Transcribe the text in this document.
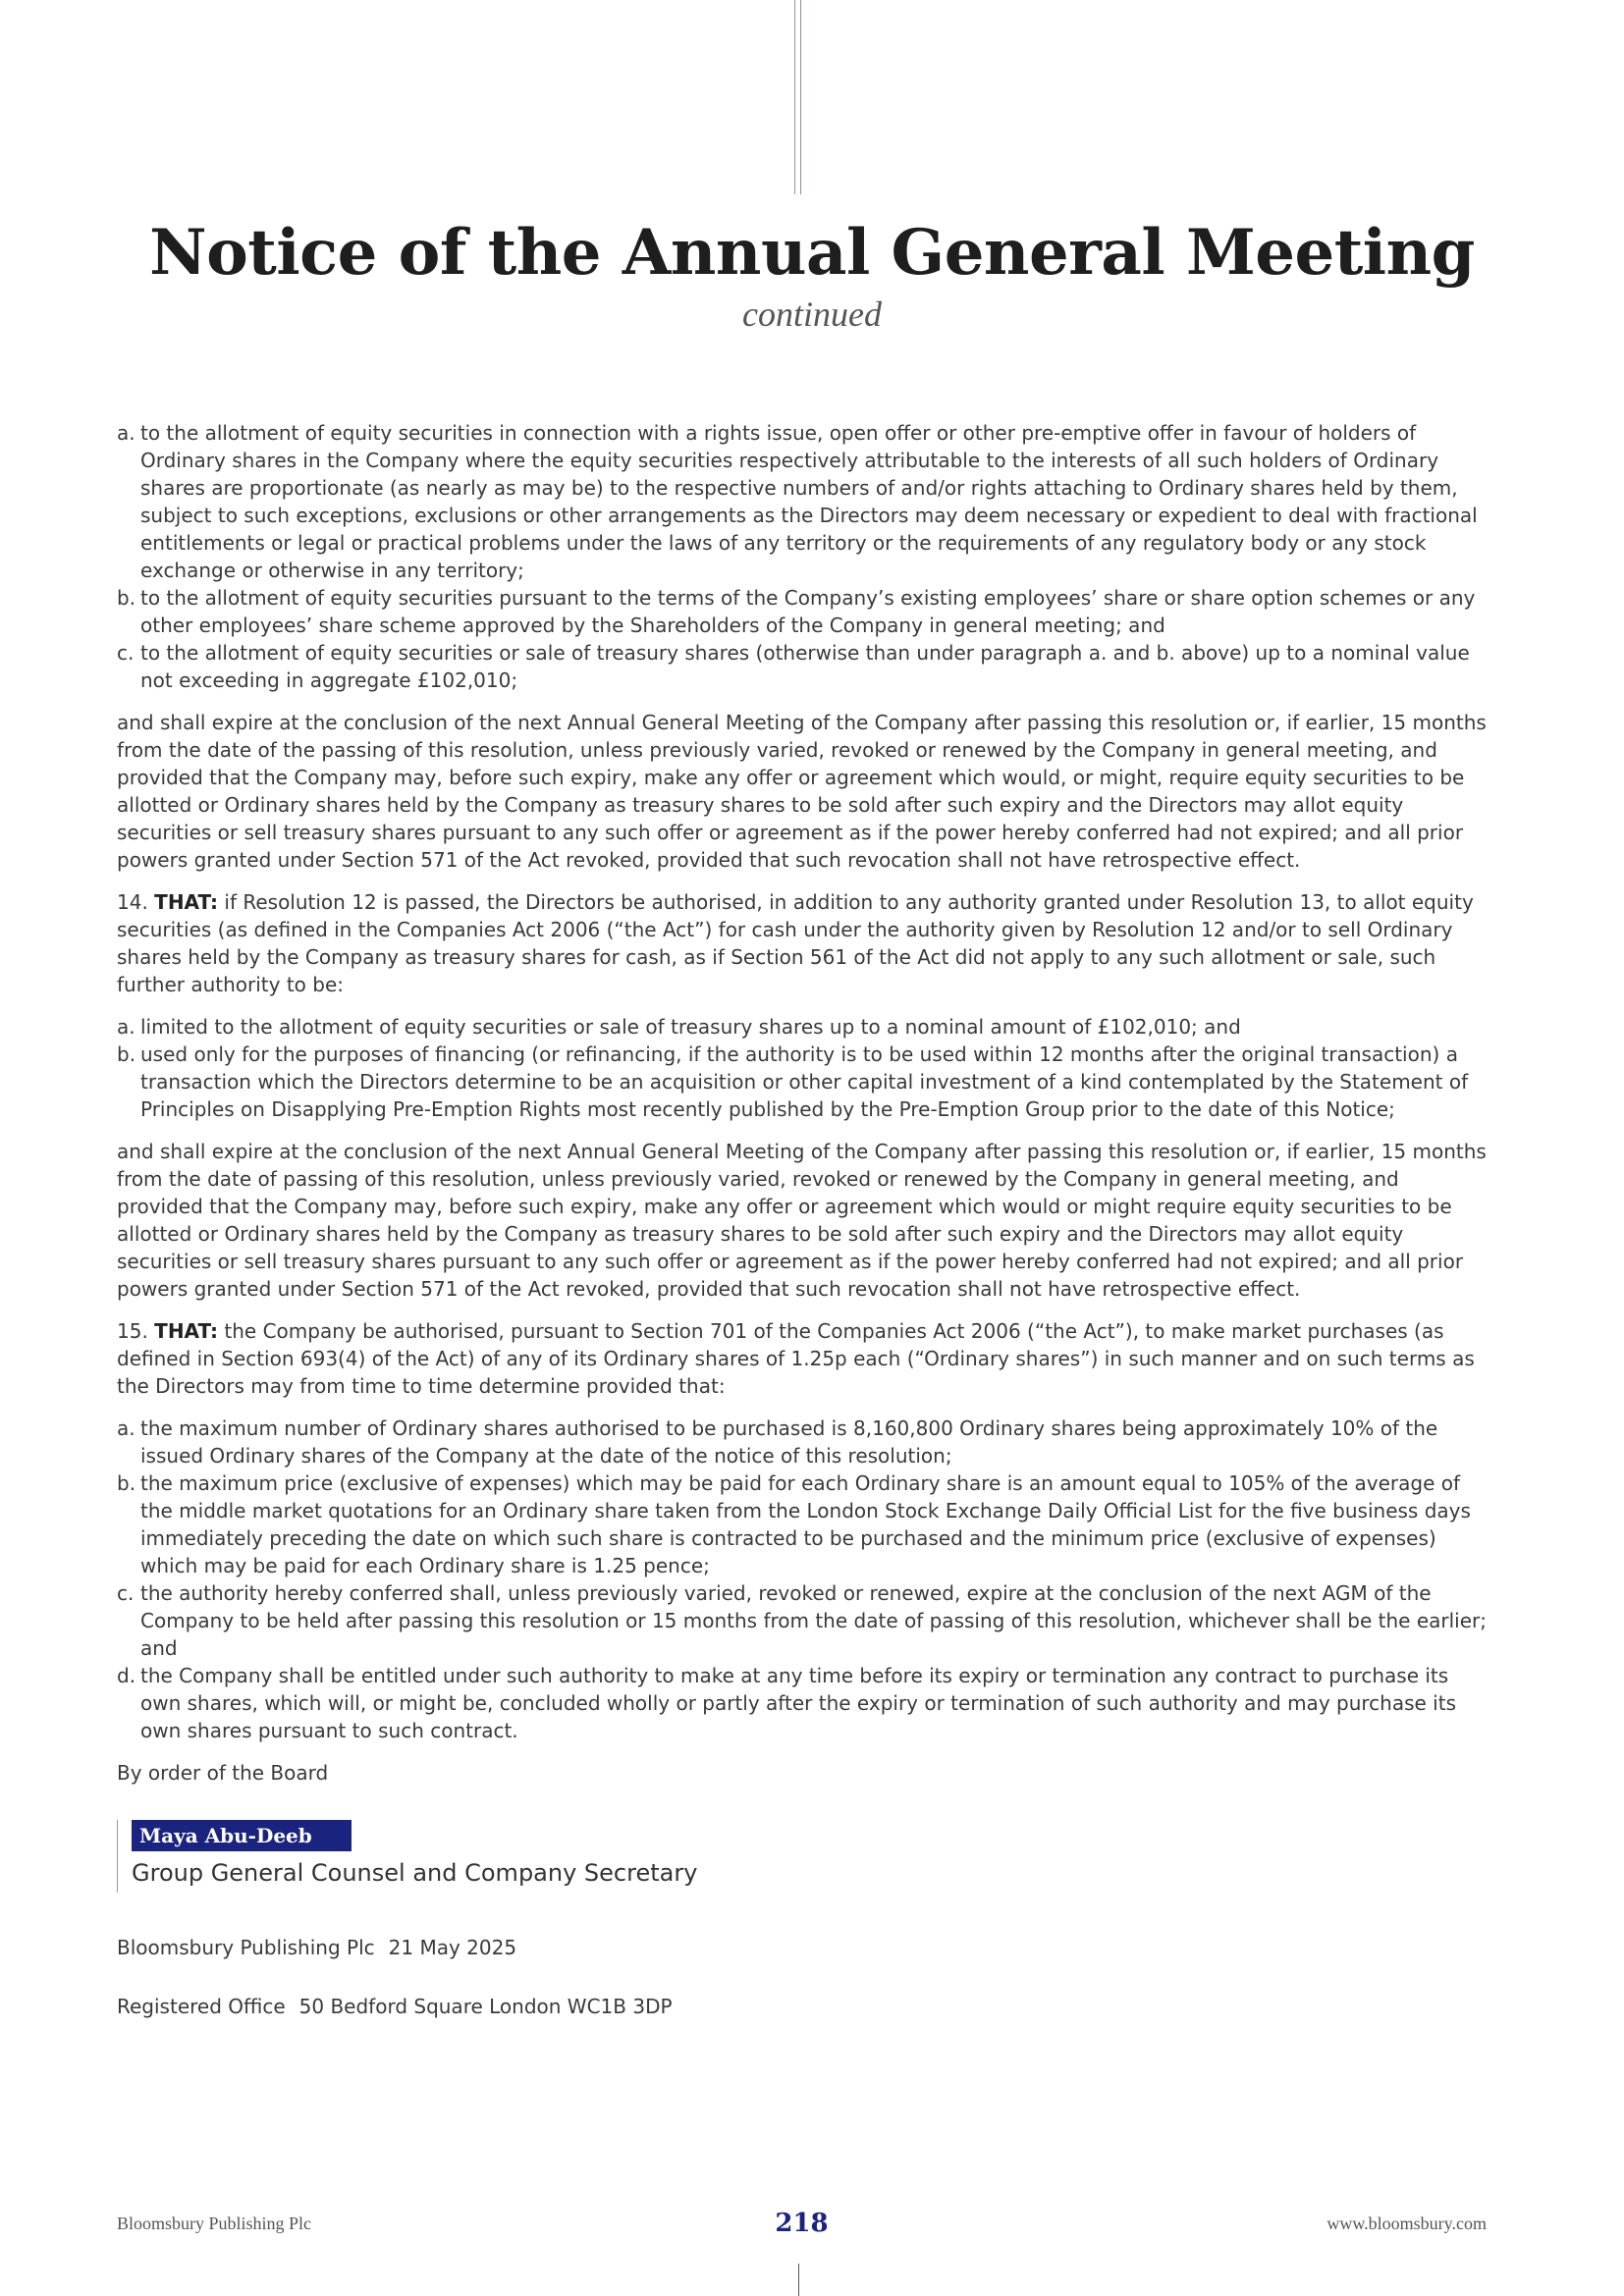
Notice of the Annual General Meeting
continued
a. to the allotment of equity securities in connection with a rights issue, open offer or other pre-emptive offer in favour of holders of Ordinary shares in the Company where the equity securities respectively attributable to the interests of all such holders of Ordinary shares are proportionate (as nearly as may be) to the respective numbers of and/or rights attaching to Ordinary shares held by them, subject to such exceptions, exclusions or other arrangements as the Directors may deem necessary or expedient to deal with fractional entitlements or legal or practical problems under the laws of any territory or the requirements of any regulatory body or any stock exchange or otherwise in any territory;
b. to the allotment of equity securities pursuant to the terms of the Company’s existing employees’ share or share option schemes or any other employees’ share scheme approved by the Shareholders of the Company in general meeting; and
c. to the allotment of equity securities or sale of treasury shares (otherwise than under paragraph a. and b. above) up to a nominal value not exceeding in aggregate £102,010;

and shall expire at the conclusion of the next Annual General Meeting of the Company after passing this resolution or, if earlier, 15 months from the date of the passing of this resolution, unless previously varied, revoked or renewed by the Company in general meeting, and provided that the Company may, before such expiry, make any offer or agreement which would, or might, require equity securities to be allotted or Ordinary shares held by the Company as treasury shares to be sold after such expiry and the Directors may allot equity securities or sell treasury shares pursuant to any such offer or agreement as if the power hereby conferred had not expired; and all prior powers granted under Section 571 of the Act revoked, provided that such revocation shall not have retrospective effect.

14. THAT: if Resolution 12 is passed, the Directors be authorised, in addition to any authority granted under Resolution 13, to allot equity securities (as defined in the Companies Act 2006 (“the Act”) for cash under the authority given by Resolution 12 and/or to sell Ordinary shares held by the Company as treasury shares for cash, as if Section 561 of the Act did not apply to any such allotment or sale, such further authority to be:

a. limited to the allotment of equity securities or sale of treasury shares up to a nominal amount of £102,010; and
b. used only for the purposes of financing (or refinancing, if the authority is to be used within 12 months after the original transaction) a transaction which the Directors determine to be an acquisition or other capital investment of a kind contemplated by the Statement of Principles on Disapplying Pre-Emption Rights most recently published by the Pre-Emption Group prior to the date of this Notice;

and shall expire at the conclusion of the next Annual General Meeting of the Company after passing this resolution or, if earlier, 15 months from the date of passing of this resolution, unless previously varied, revoked or renewed by the Company in general meeting, and provided that the Company may, before such expiry, make any offer or agreement which would or might require equity securities to be allotted or Ordinary shares held by the Company as treasury shares to be sold after such expiry and the Directors may allot equity securities or sell treasury shares pursuant to any such offer or agreement as if the power hereby conferred had not expired; and all prior powers granted under Section 571 of the Act revoked, provided that such revocation shall not have retrospective effect.

15. THAT: the Company be authorised, pursuant to Section 701 of the Companies Act 2006 (“the Act”), to make market purchases (as defined in Section 693(4) of the Act) of any of its Ordinary shares of 1.25p each (“Ordinary shares”) in such manner and on such terms as the Directors may from time to time determine provided that:

a. the maximum number of Ordinary shares authorised to be purchased is 8,160,800 Ordinary shares being approximately 10% of the issued Ordinary shares of the Company at the date of the notice of this resolution;
b. the maximum price (exclusive of expenses) which may be paid for each Ordinary share is an amount equal to 105% of the average of the middle market quotations for an Ordinary share taken from the London Stock Exchange Daily Official List for the five business days immediately preceding the date on which such share is contracted to be purchased and the minimum price (exclusive of expenses) which may be paid for each Ordinary share is 1.25 pence;
c. the authority hereby conferred shall, unless previously varied, revoked or renewed, expire at the conclusion of the next AGM of the Company to be held after passing this resolution or 15 months from the date of passing of this resolution, whichever shall be the earlier; and
d. the Company shall be entitled under such authority to make at any time before its expiry or termination any contract to purchase its own shares, which will, or might be, concluded wholly or partly after the expiry or termination of such authority and may purchase its own shares pursuant to such contract.
By order of the Board
Maya Abu-Deeb
Group General Counsel and Company Secretary
Bloomsbury Publishing Plc 21 May 2025
Registered Office 50 Bedford Square London WC1B 3DP
Bloomsbury Publishing Plc	218	www.bloomsbury.com
